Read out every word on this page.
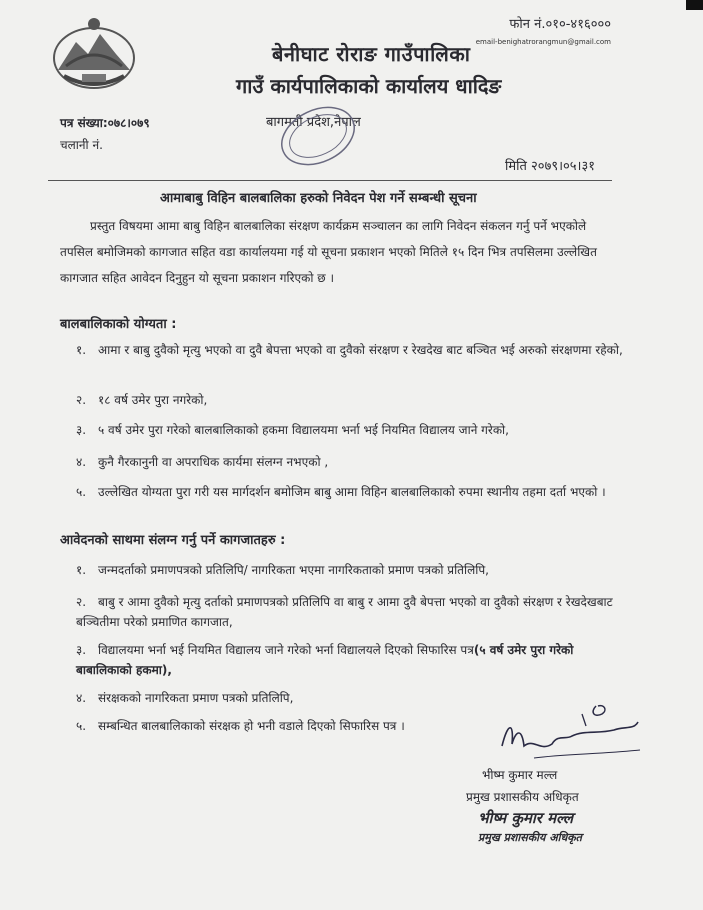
फोन नं.०१०-४१६०००
email-benighatrorangmun@gmail.com
बेनीघाट रोराङ गाउँपालिका
गाउँ कार्यपालिकाको कार्यालय धादिङ
बागमती प्रदेश,नेपाल
पत्र संख्या:०७८।०७९
चलानी नं.
मिति २०७९।०५।३१
आमाबाबु विहिन बालबालिका हरुको निवेदन पेश गर्ने सम्बन्धी सूचना
प्रस्तुत विषयमा आमा बाबु विहिन बालबालिका संरक्षण कार्यक्रम सञ्चालन का लागि निवेदन संकलन गर्नु पर्ने भएकोले तपसिल बमोजिमको कागजात सहित वडा कार्यालयमा गई यो सूचना प्रकाशन भएको मितिले १५ दिन भित्र तपसिलमा उल्लेखित कागजात सहित आवेदन दिनुहुन यो सूचना प्रकाशन गरिएको छ ।
बालबालिकाको योग्यता :
१. आमा र बाबु दुवैको मृत्यु भएको वा दुवै बेपत्ता भएको वा दुवैको संरक्षण र रेखदेख बाट बञ्चित भई अरुको संरक्षणमा रहेको,
२. १८ वर्ष उमेर पुरा नगरेको,
३. ५ वर्ष उमेर पुरा गरेको बालबालिकाको हकमा विद्यालयमा भर्ना भई नियमित विद्यालय जाने गरेको,
४. कुनै गैरकानुनी वा अपराधिक कार्यमा संलग्न नभएको ,
५. उल्लेखित योग्यता पुरा गरी यस मार्गदर्शन बमोजिम बाबु आमा विहिन बालबालिकाको रुपमा स्थानीय तहमा दर्ता भएको ।
आवेदनको साथमा संलग्न गर्नु पर्ने कागजातहरु :
१. जन्मदर्ताको प्रमाणपत्रको प्रतिलिपि/ नागरिकता भएमा नागरिकताको प्रमाण पत्रको प्रतिलिपि,
२. बाबु र आमा दुवैको मृत्यु दर्ताको प्रमाणपत्रको प्रतिलिपि वा बाबु र आमा दुवै बेपत्ता भएको वा दुवैको संरक्षण र रेखदेखबाट बञ्चितीमा परेको प्रमाणित कागजात,
३. विद्यालयमा भर्ना भई नियमित विद्यालय जाने गरेको भर्ना विद्यालयले दिएको सिफारिस पत्र(५ वर्ष उमेर पुरा गरेको बाबालिकाको हकमा),
४. संरक्षकको नागरिकता प्रमाण पत्रको प्रतिलिपि,
५. सम्बन्धित बालबालिकाको संरक्षक हो भनी वडाले दिएको सिफारिस पत्र ।
भीष्म कुमार मल्ल
प्रमुख प्रशासकीय अधिकृत
भीष्म कुमार मल्ल
प्रमुख प्रशासकीय अधिकृत
